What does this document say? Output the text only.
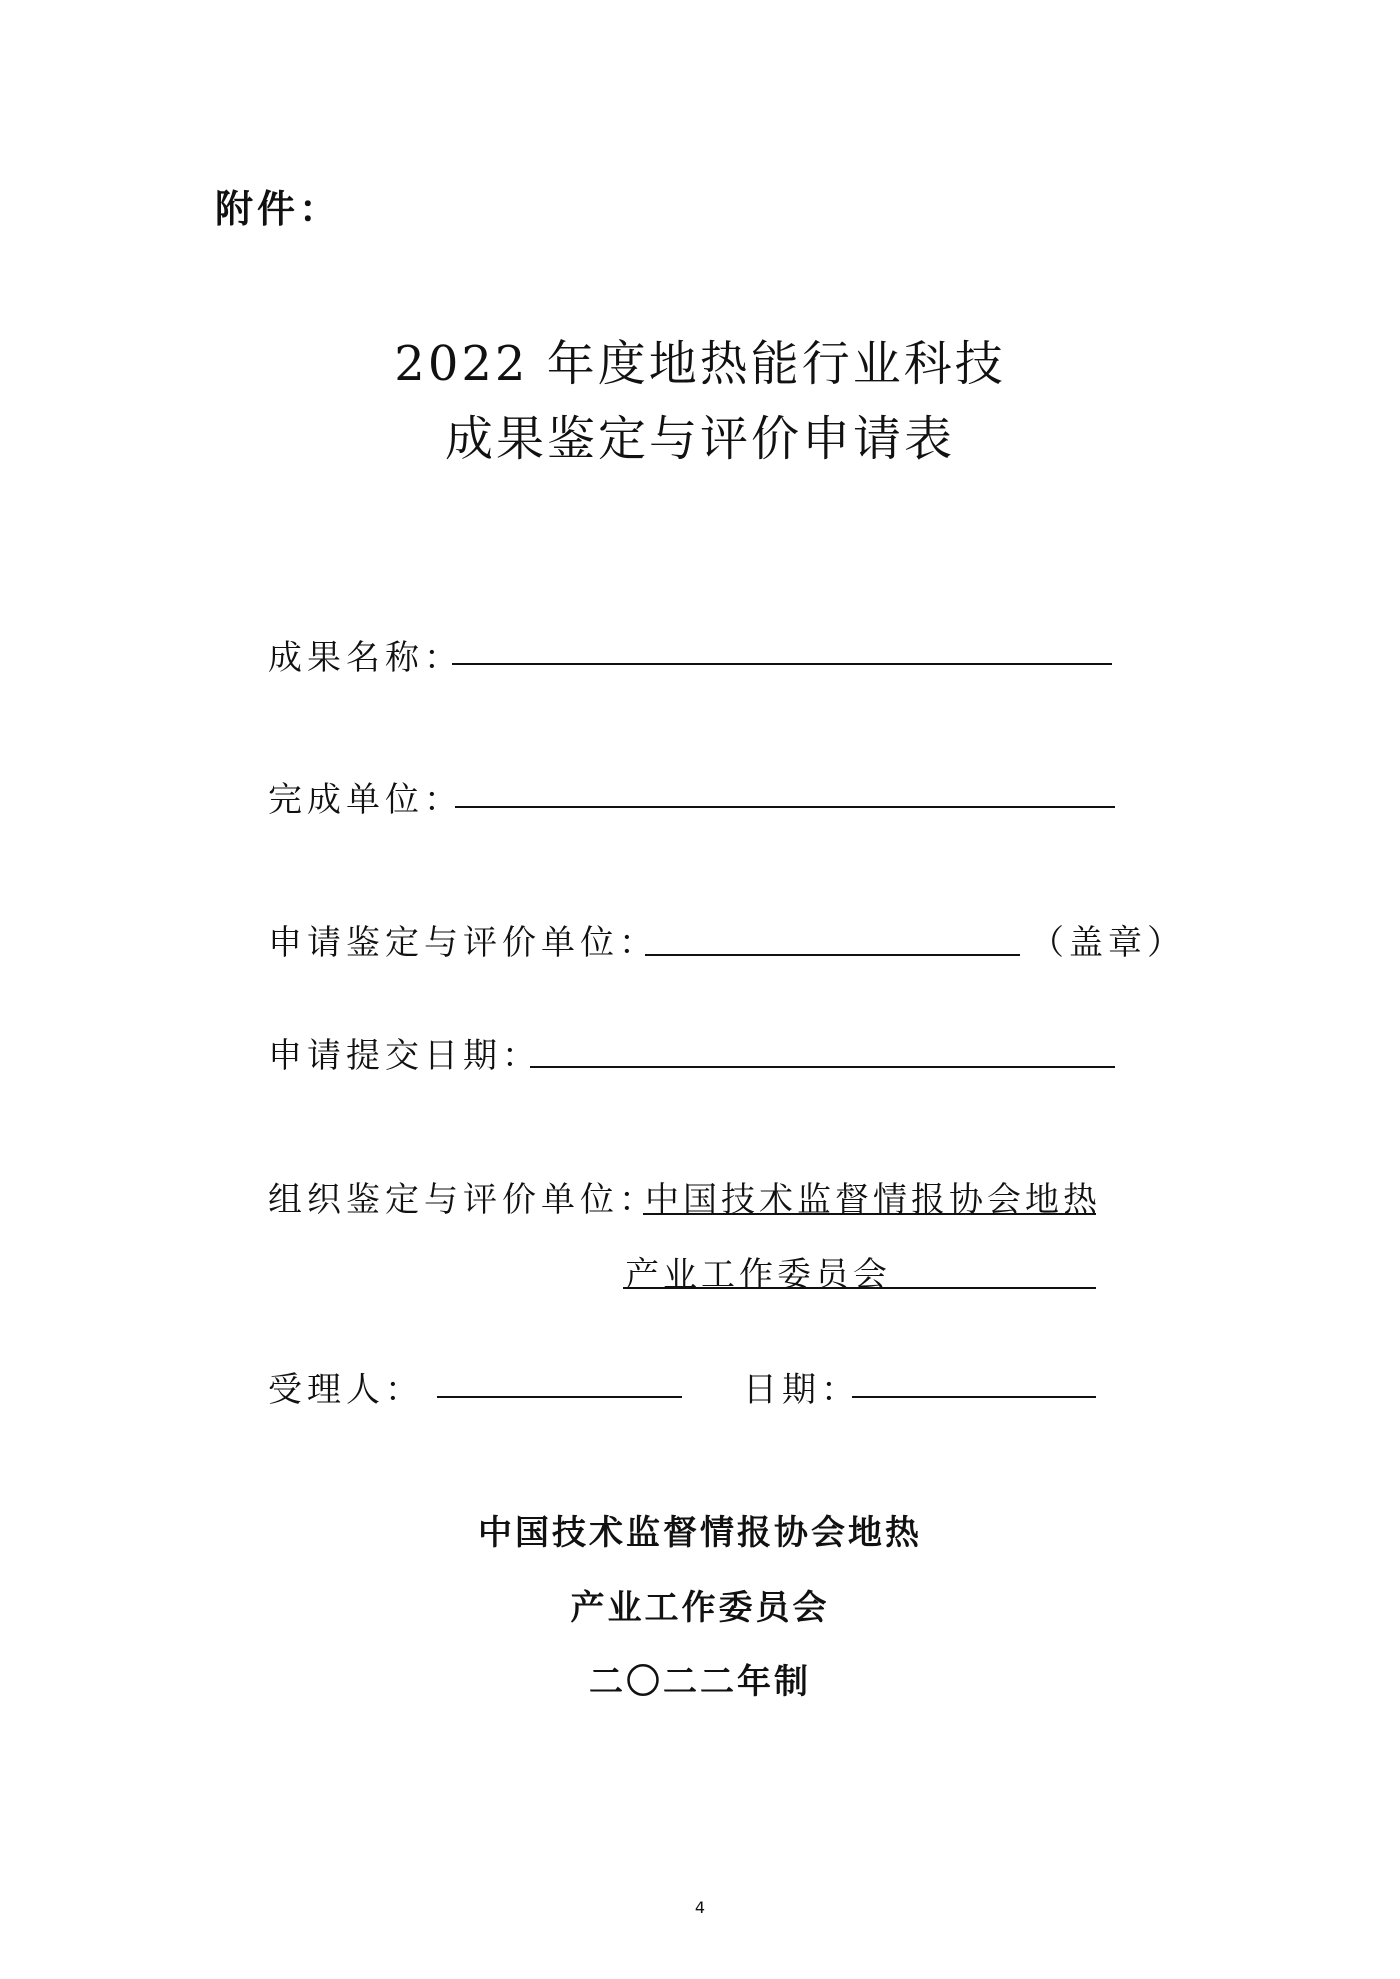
附件：
2022 年度地热能行业科技
成果鉴定与评价申请表
成果名称：
完成单位：
申请鉴定与评价单位：	（盖章）
申请提交日期：
组织鉴定与评价单位：
中国技术监督情报协会地热
产业工作委员会
受理人：	日期：
中国技术监督情报协会地热
产业工作委员会
二〇二二年制
4
